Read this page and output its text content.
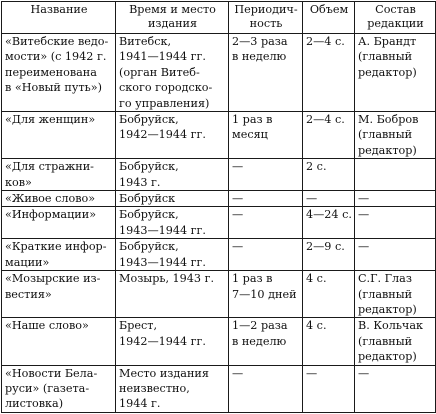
Название	Время и место
издания	Периодич-
ность	Объем	Состав
редакции

«Витебские ведо-
мости» (с 1942 г.
переименована
в «Новый путь»)	Витебск,
1941—1944 гг.
(орган Витеб-
ского городско-
го управления)	2—3 раза
в неделю	2—4 с.	А. Брандт
(главный
редактор)

«Для женщин»	Бобруйск,
1942—1944 гг.	1 раз в
месяц	2—4 с.	М. Бобров
(главный
редактор)

«Для стражни-
ков»	Бобруйск,
1943 г.	—	2 с.	

«Живое слово»	Бобруйск	—	—	—

«Информации»	Бобруйск,
1943—1944 гг.	—	4—24 с.	—

«Краткие инфор-
мации»	Бобруйск,
1943—1944 гг.	—	2—9 с.	—

«Мозырские из-
вестия»	Мозырь, 1943 г.	1 раз в
7—10 дней	4 с.	С.Г. Глаз
(главный
редактор)

«Наше слово»	Брест,
1942—1944 гг.	1—2 раза
в неделю	4 с.	В. Кольчак
(главный
редактор)

«Новости Бела-
руси» (газета-
листовка)	Место издания
неизвестно,
1944 г.	—	—	—
